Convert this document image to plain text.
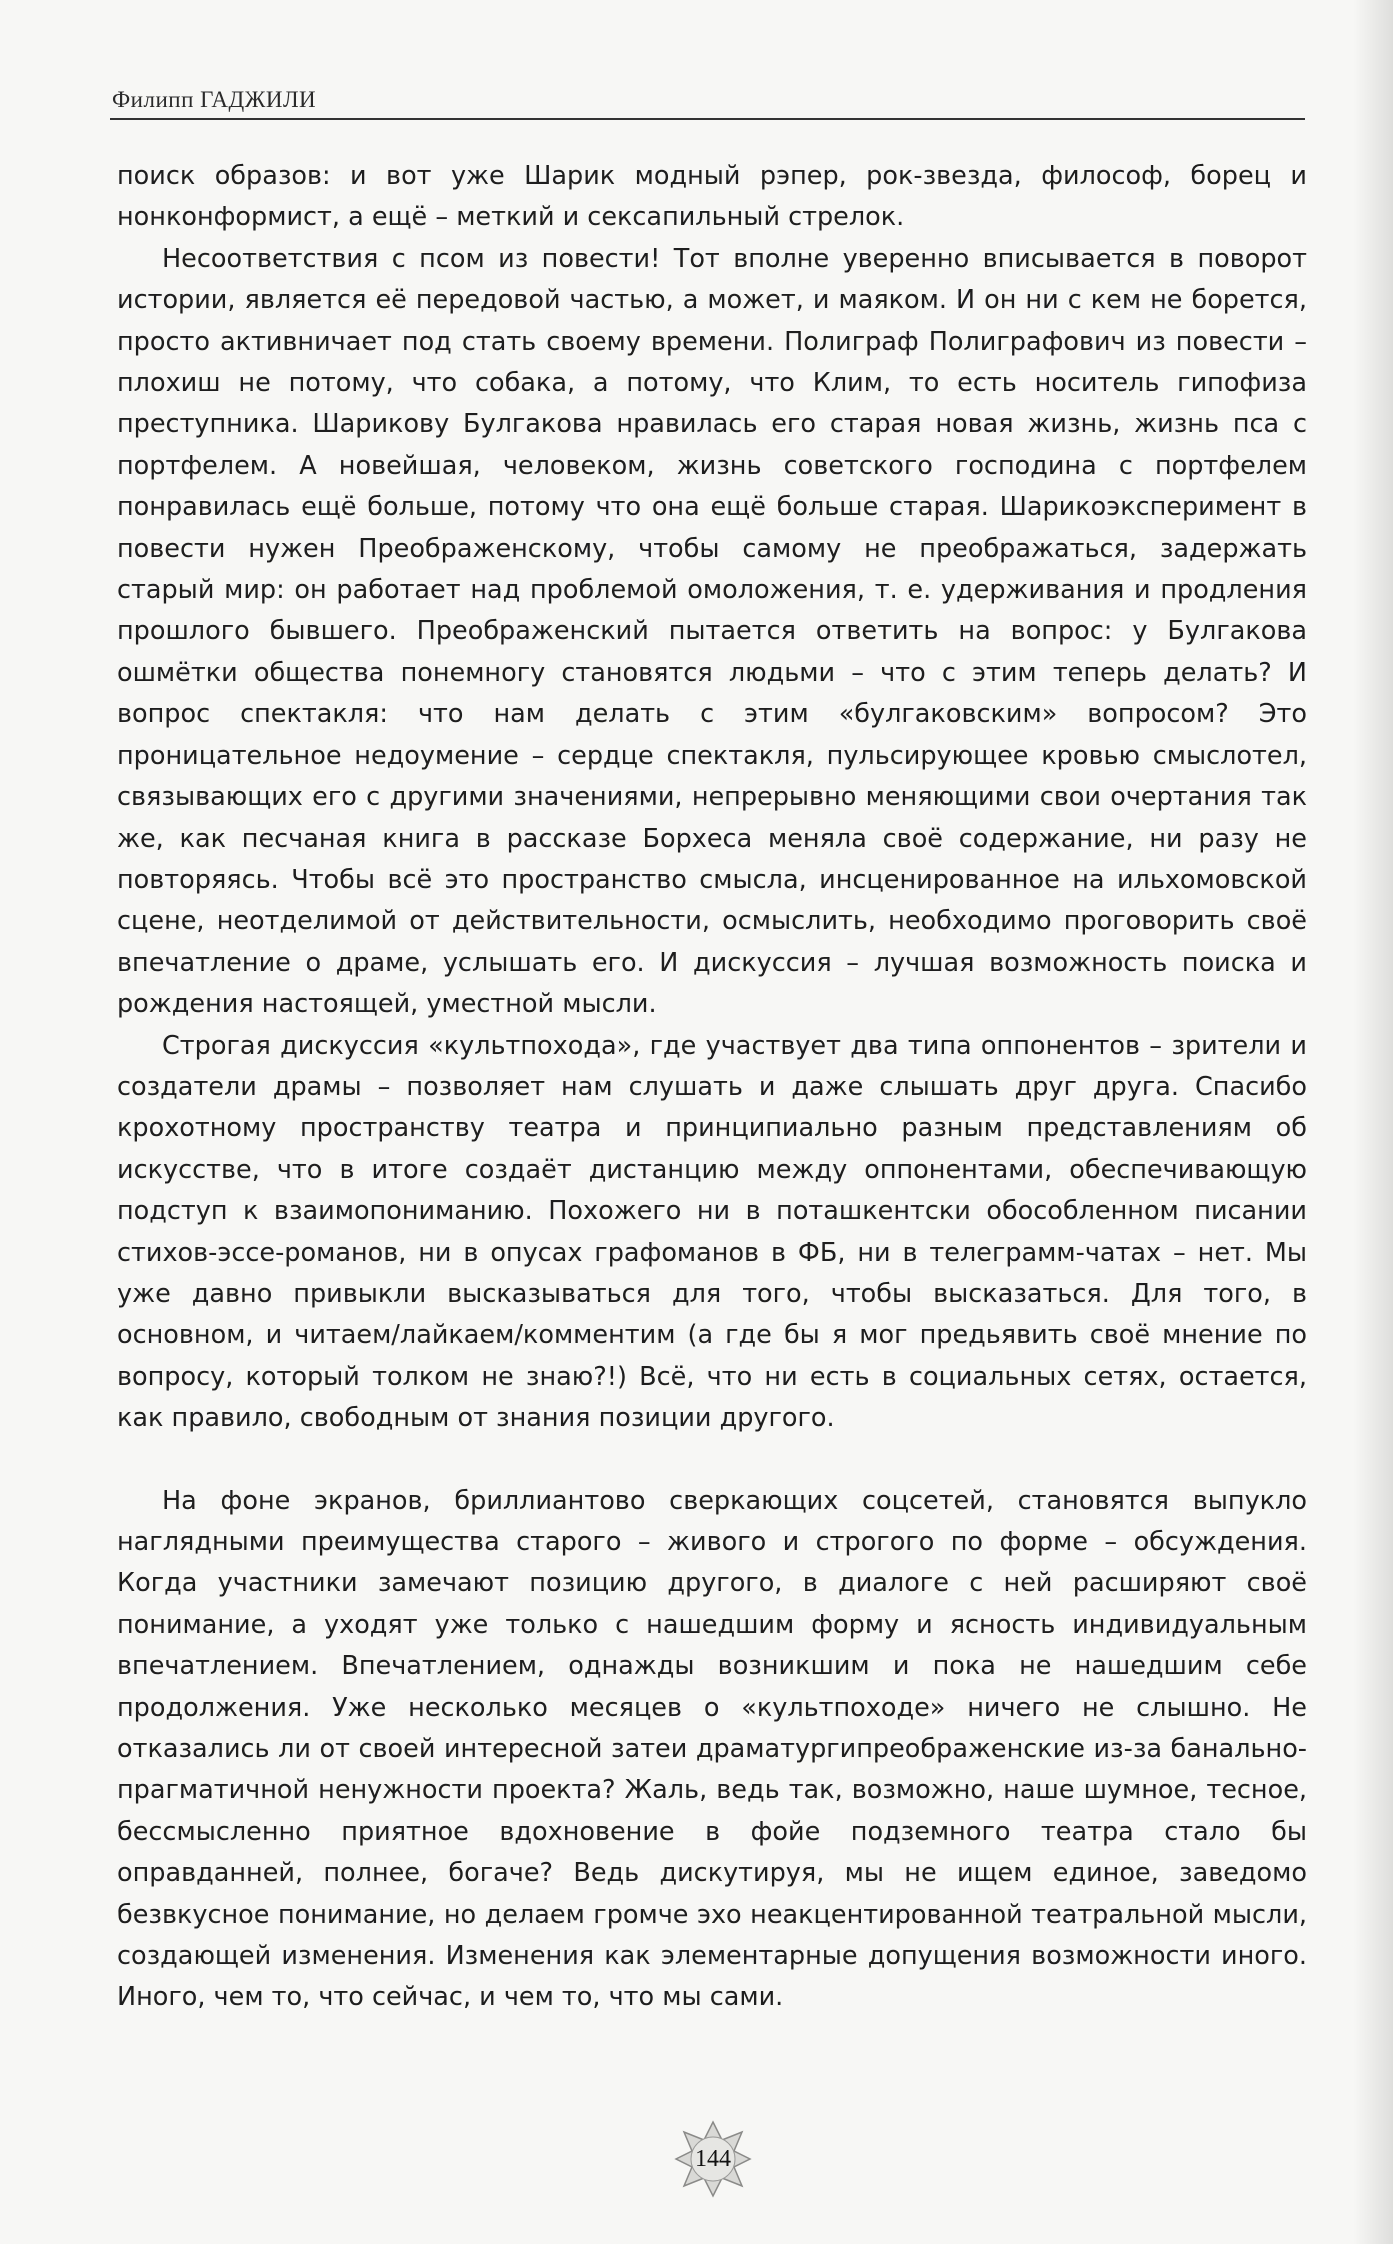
Филипп ГАДЖИЛИ

поиск образов: и вот уже Шарик модный рэпер, рок-звезда, философ, борец и нонконформист, а ещё – меткий и сексапильный стрелок.

Несоответствия с псом из повести! Тот вполне уверенно вписывается в поворот истории, является её передовой частью, а может, и маяком. И он ни с кем не борется, просто активничает под стать своему времени. Полиграф Полиграфович из повести – плохиш не потому, что собака, а потому, что Клим, то есть носитель гипофиза преступника. Шарикову Булгакова нравилась его старая новая жизнь, жизнь пса с портфелем. А новейшая, человеком, жизнь советского господина с портфелем понравилась ещё больше, потому что она ещё больше старая. Шарикоэксперимент в повести нужен Преображенскому, чтобы самому не преображаться, задержать старый мир: он работает над проблемой омоложения, т. е. удерживания и продления прошлого бывшего. Преображенский пытается ответить на вопрос: у Булгакова ошмётки общества понемногу становятся людьми – что с этим теперь делать? И вопрос спектакля: что нам делать с этим «булгаковским» вопросом? Это проницательное недоумение – сердце спектакля, пульсирующее кровью смыслотел, связывающих его с другими значениями, непрерывно меняющими свои очертания так же, как песчаная книга в рассказе Борхеса меняла своё содержание, ни разу не повторяясь. Чтобы всё это пространство смысла, инсценированное на ильхомовской сцене, неотделимой от действительности, осмыслить, необходимо проговорить своё впечатление о драме, услышать его. И дискуссия – лучшая возможность поиска и рождения настоящей, уместной мысли.

Строгая дискуссия «культпохода», где участвует два типа оппонентов – зрители и создатели драмы – позволяет нам слушать и даже слышать друг друга. Спасибо крохотному пространству театра и принципиально разным представлениям об искусстве, что в итоге создаёт дистанцию между оппонентами, обеспечивающую подступ к взаимопониманию. Похожего ни в поташкентски обособленном писании стихов-эссе-романов, ни в опусах графоманов в ФБ, ни в телеграмм-чатах – нет. Мы уже давно привыкли высказываться для того, чтобы высказаться. Для того, в основном, и читаем/лайкаем/комментим (а где бы я мог предьявить своё мнение по вопросу, который толком не знаю?!) Всё, что ни есть в социальных сетях, остается, как правило, свободным от знания позиции другого.

На фоне экранов, бриллиантово сверкающих соцсетей, становятся выпукло наглядными преимущества старого – живого и строгого по форме – обсуждения. Когда участники замечают позицию другого, в диалоге с ней расширяют своё понимание, а уходят уже только с нашедшим форму и ясность индивидуальным впечатлением. Впечатлением, однажды возникшим и пока не нашедшим себе продолжения. Уже несколько месяцев о «культпоходе» ничего не слышно. Не отказались ли от своей интересной затеи драматургипреображенские из-за банально-прагматичной ненужности проекта? Жаль, ведь так, возможно, наше шумное, тесное, бессмысленно приятное вдохновение в фойе подземного театра стало бы оправданней, полнее, богаче? Ведь дискутируя, мы не ищем единое, заведомо безвкусное понимание, но делаем громче эхо неакцентированной театральной мысли, создающей изменения. Изменения как элементарные допущения возможности иного. Иного, чем то, что сейчас, и чем то, что мы сами.

144
